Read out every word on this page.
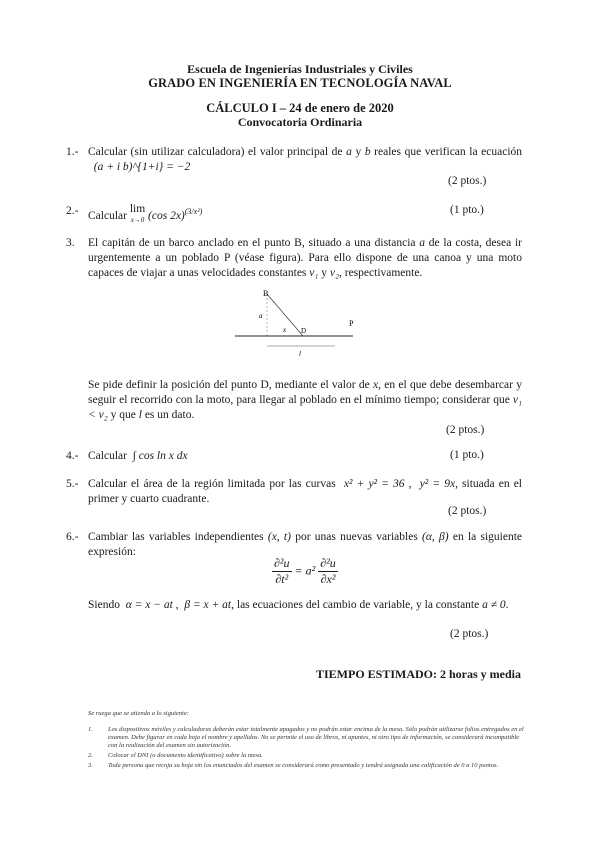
Escuela de Ingenierías Industriales y Civiles
GRADO EN INGENIERÍA EN TECNOLOGÍA NAVAL
CÁLCULO I – 24 de enero de 2020
Convocatoria Ordinaria
1.- Calcular (sin utilizar calculadora) el valor principal de a y b reales que verifican la ecuación   (a + i b)^{1+i} = −2
(2 ptos.)
2.- Calcular lim
x→0 (cos 2x)$^{(3/x^2)}$	(1 pto.)
3. El capitán de un barco anclado en el punto B, situado a una distancia a de la costa, desea ir urgentemente a un poblado P (véase figura). Para ello dispone de una canoa y una moto capaces de viajar a unas velocidades constantes v₁ y v₂, respectivamente.
B
a
x D
P
l
Se pide definir la posición del punto D, mediante el valor de x, en el que debe desembarcar y seguir el recorrido con la moto, para llegar al poblado en el mínimo tiempo; considerar que v₁ < v₂ y que l es un dato.
(2 ptos.)
4.- Calcular ∫ cos ln x dx	(1 pto.)
5.- Calcular el área de la región limitada por las curvas x² + y² = 36 ,  y² = 9x, situada en el primer y cuarto cuadrante.
(2 ptos.)
6.- Cambiar las variables independientes (x, t) por unas nuevas variables (α, β) en la siguiente expresión:
$\frac{\text{∂²u}}{\text{∂t²}} = a^2 \frac{\text{∂²u}}{\text{∂x²}}$
Siendo α = x − at ,  β = x + at, las ecuaciones del cambio de variable, y la constante a ≠ 0.
(2 ptos.)
TIEMPO ESTIMADO: 2 horas y media
Se ruega que se atienda a lo siguiente:
1. Los dispositivos móviles y calculadoras deberán estar totalmente apagados y no podrán estar encima de la mesa. Sólo podrán utilizarse folios entregados en el examen. Debe figurar en cada hoja el nombre y apellidos. No se permite el uso de libros, ni apuntes, ni otro tipo de información, se considerará incompatible con la realización del examen sin autorización.
2. Colocar el DNI (o documento identificativo) sobre la mesa.
3. Toda persona que recoja su hoja sin los enunciados del examen se considerará como presentado y tendrá asignada una calificación de 0 a 10 puntos.
